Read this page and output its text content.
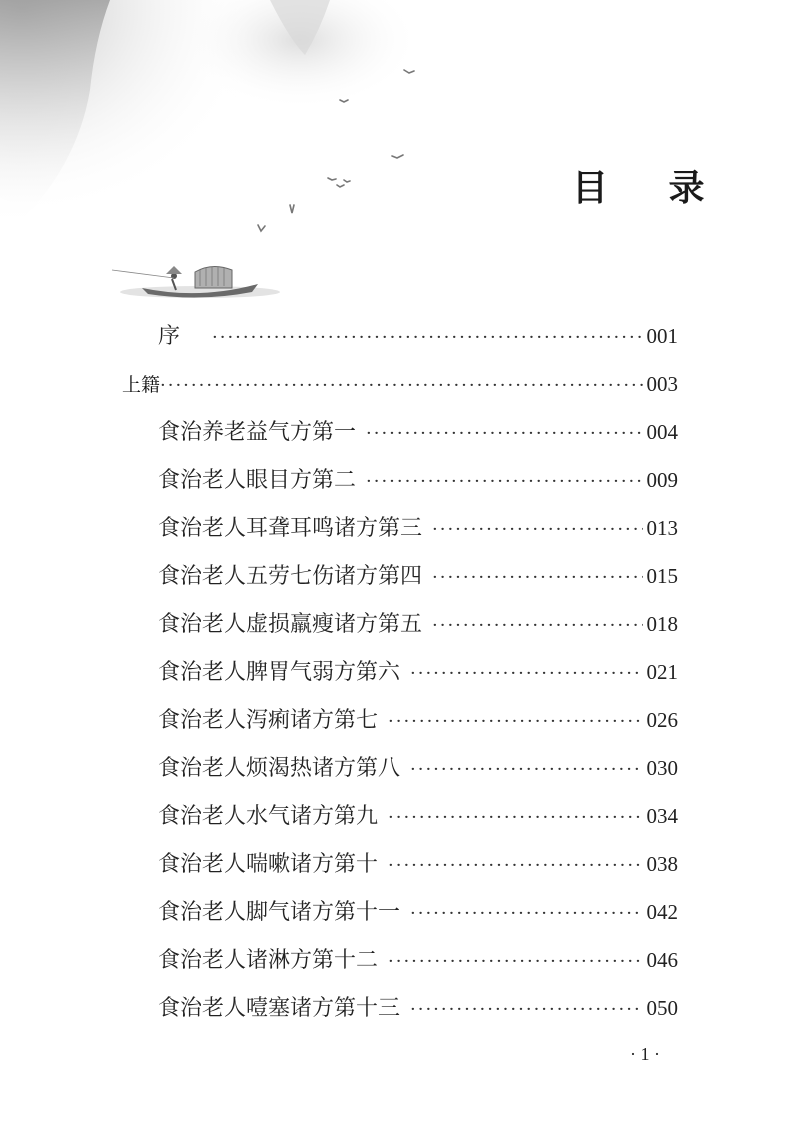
目 录
序 ·····	001
上籍 ·····	003
食治养老益气方第一 ·····	004
食治老人眼目方第二 ·····	009
食治老人耳聋耳鸣诸方第三 ·····	013
食治老人五劳七伤诸方第四 ·····	015
食治老人虚损羸瘦诸方第五 ·····	018
食治老人脾胃气弱方第六 ·····	021
食治老人泻痢诸方第七 ·····	026
食治老人烦渴热诸方第八 ·····	030
食治老人水气诸方第九 ·····	034
食治老人喘嗽诸方第十 ·····	038
食治老人脚气诸方第十一 ·····	042
食治老人诸淋方第十二 ·····	046
食治老人噎塞诸方第十三 ·····	050
· 1 ·
